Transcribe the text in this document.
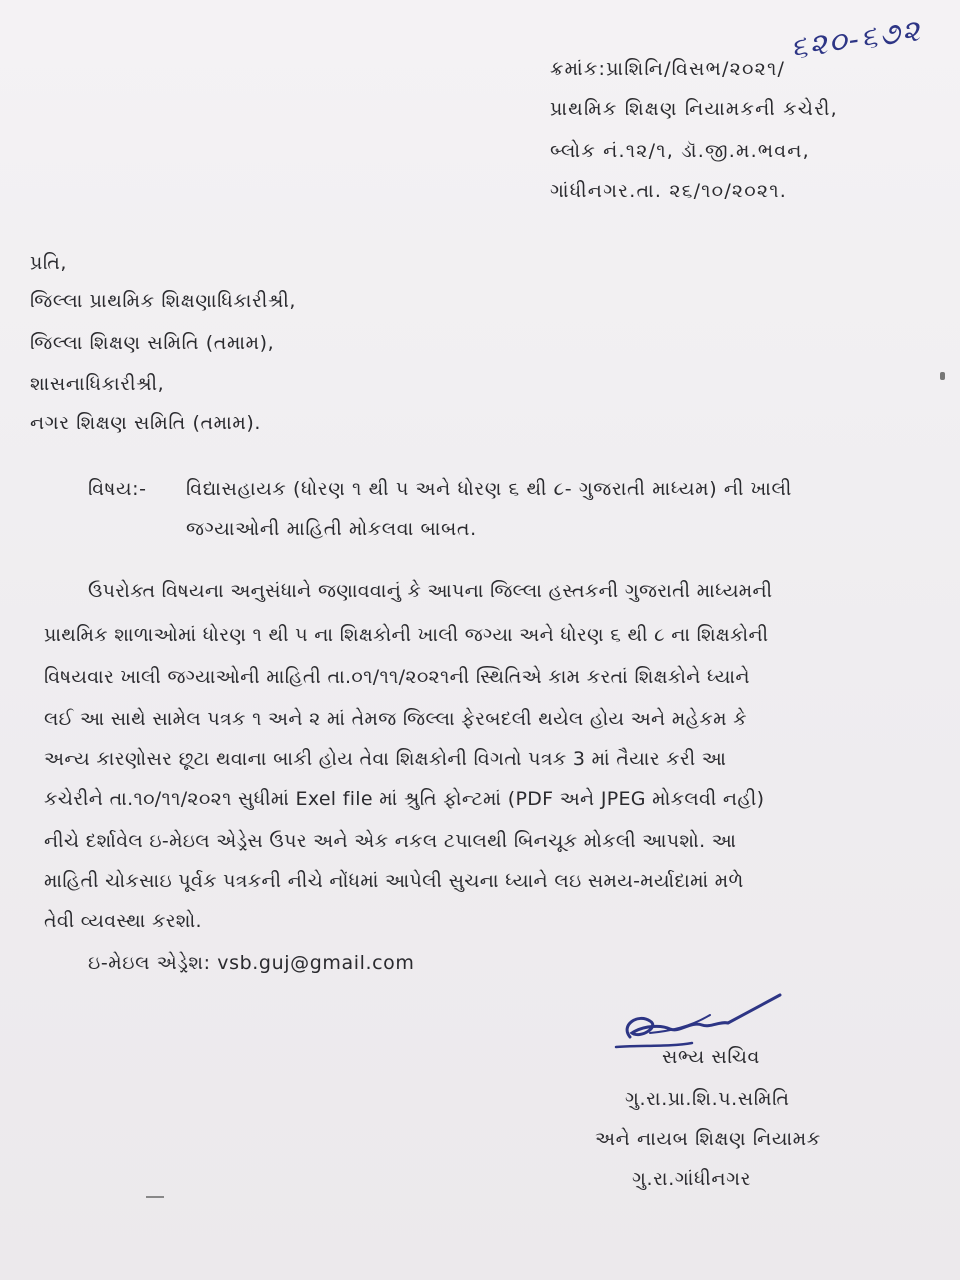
ક્રમાંક:પ્રાશિનિ/વિસભ/૨૦૨૧/
૬૨૦-૬૭૨
પ્રાથમિક શિક્ષણ નિયામકની કચેરી,
બ્લોક નં.૧૨/૧, ડૉ.જી.મ.ભવન,
ગાંધીનગર.તા. ૨૬/૧૦/૨૦૨૧.
પ્રતિ,
જિલ્લા પ્રાથમિક શિક્ષણાધિકારીશ્રી,
જિલ્લા શિક્ષણ સમિતિ (તમામ),
શાસનાધિકારીશ્રી,
નગર શિક્ષણ સમિતિ (તમામ).
વિષય:- વિદ્યાસહાયક (ધોરણ ૧ થી ૫ અને ધોરણ ૬ થી ૮- ગુજરાતી માધ્યમ) ની ખાલી
જગ્યાઓની માહિતી મોકલવા બાબત.
ઉપરોક્ત વિષયના અનુસંધાને જણાવવાનું કે આપના જિલ્લા હસ્તકની ગુજરાતી માધ્યમની
પ્રાથમિક શાળાઓમાં ધોરણ ૧ થી ૫ ના શિક્ષકોની ખાલી જગ્યા અને ધોરણ ૬ થી ૮ ના શિક્ષકોની
વિષયવાર ખાલી જગ્યાઓની માહિતી તા.૦૧/૧૧/૨૦૨૧ની સ્થિતિએ કામ કરતાં શિક્ષકોને ધ્યાને
લઈ આ સાથે સામેલ પત્રક ૧ અને ૨ માં તેમજ જિલ્લા ફેરબદલી થયેલ હોય અને મહેકમ કે
અન્ય કારણોસર છૂટા થવાના બાકી હોય તેવા શિક્ષકોની વિગતો પત્રક 3 માં તૈયાર કરી આ
કચેરીને તા.૧૦/૧૧/૨૦૨૧ સુધીમાં Exel file માં શ્રુતિ ફોન્ટમાં (PDF અને JPEG મોકલવી નહી)
નીચે દર્શાવેલ ઇ-મેઇલ એડ્રેસ ઉપર અને એક નકલ ટપાલથી બિનચૂક મોકલી આપશો. આ
માહિતી ચોકસાઇ પૂર્વક પત્રકની નીચે નોંધમાં આપેલી સુચના ધ્યાને લઇ સમય-મર્યાદામાં મળે
તેવી વ્યવસ્થા કરશો.
ઇ-મેઇલ એડ્રેશ: vsb.guj@gmail.com
સભ્ય સચિવ
ગુ.રા.પ્રા.શિ.પ.સમિતિ
અને નાયબ શિક્ષણ નિયામક
ગુ.રા.ગાંધીનગર
